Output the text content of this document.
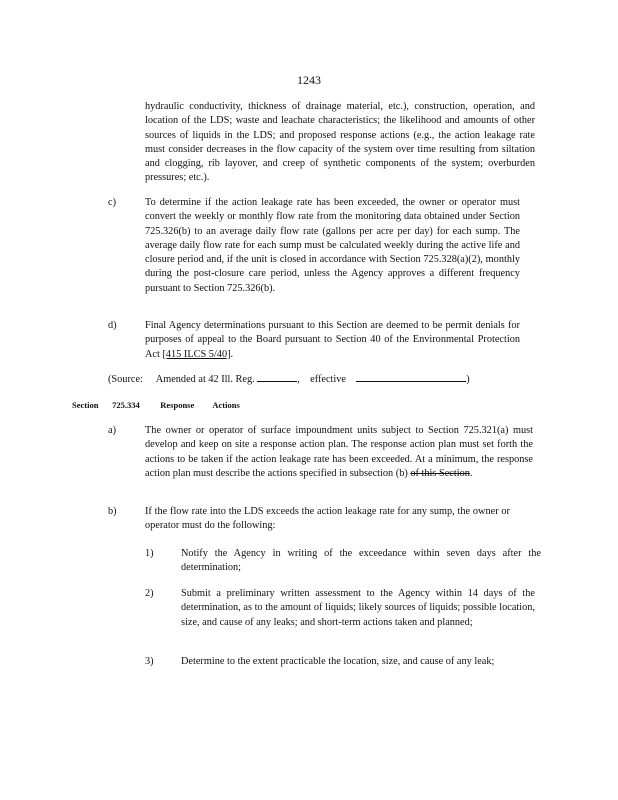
1243
hydraulic conductivity, thickness of drainage material, etc.), construction, operation, and location of the LDS; waste and leachate characteristics; the likelihood and amounts of other sources of liquids in the LDS; and proposed response actions (e.g., the action leakage rate must consider decreases in the flow capacity of the system over time resulting from siltation and clogging, rib layover, and creep of synthetic components of the system; overburden pressures; etc.).
c)	To determine if the action leakage rate has been exceeded, the owner or operator must convert the weekly or monthly flow rate from the monitoring data obtained under Section 725.326(b) to an average daily flow rate (gallons per acre per day) for each sump. The average daily flow rate for each sump must be calculated weekly during the active life and closure period and, if the unit is closed in accordance with Section 725.328(a)(2), monthly during the post-closure care period, unless the Agency approves a different frequency pursuant to Section 725.326(b).
d)	Final Agency determinations pursuant to this Section are deemed to be permit denials for purposes of appeal to the Board pursuant to Section 40 of the Environmental Protection Act [415 ILCS 5/40].
(Source: Amended at 42 Ill. Reg.	, effective	)
Section 725.334 Response Actions
a)	The owner or operator of surface impoundment units subject to Section 725.321(a) must develop and keep on site a response action plan. The response action plan must set forth the actions to be taken if the action leakage rate has been exceeded. At a minimum, the response action plan must describe the actions specified in subsection (b) of this Section.
b)	If the flow rate into the LDS exceeds the action leakage rate for any sump, the owner or operator must do the following:
1)	Notify the Agency in writing of the exceedance within seven days after the determination;
2)	Submit a preliminary written assessment to the Agency within 14 days of the determination, as to the amount of liquids; likely sources of liquids; possible location, size, and cause of any leaks; and short-term actions taken and planned;
3)	Determine to the extent practicable the location, size, and cause of any leak;
